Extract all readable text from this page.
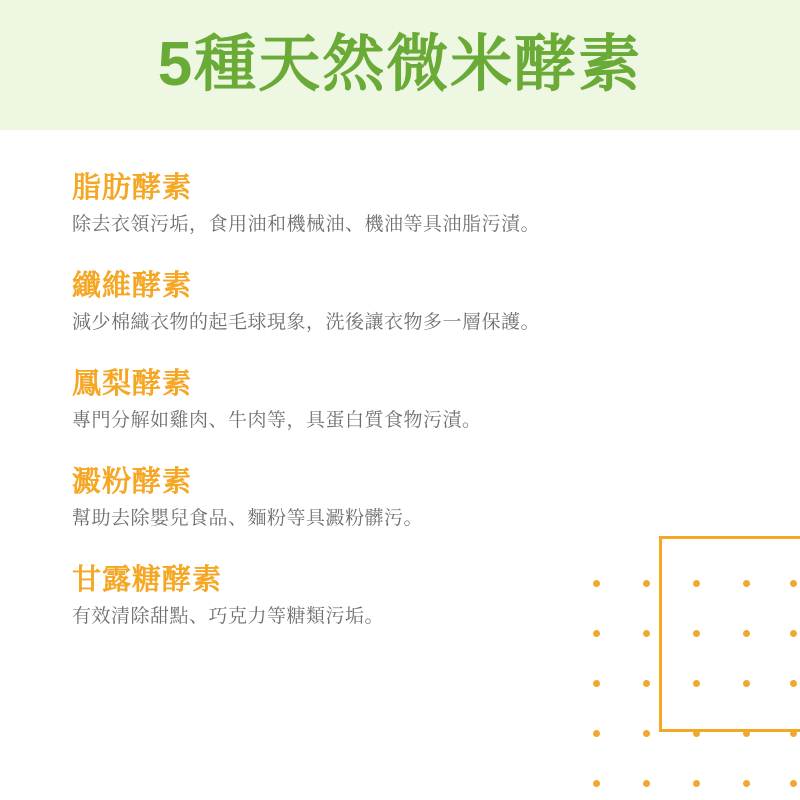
5種天然微米酵素

脂肪酵素

除去衣領污垢，食用油和機械油、機油等具油脂污漬。

纖維酵素

減少棉織衣物的起毛球現象，洗後讓衣物多一層保護。

鳳梨酵素

專門分解如雞肉、牛肉等，具蛋白質食物污漬。

澱粉酵素

幫助去除嬰兒食品、麵粉等具澱粉髒污。

甘露糖酵素

有效清除甜點、巧克力等糖類污垢。
